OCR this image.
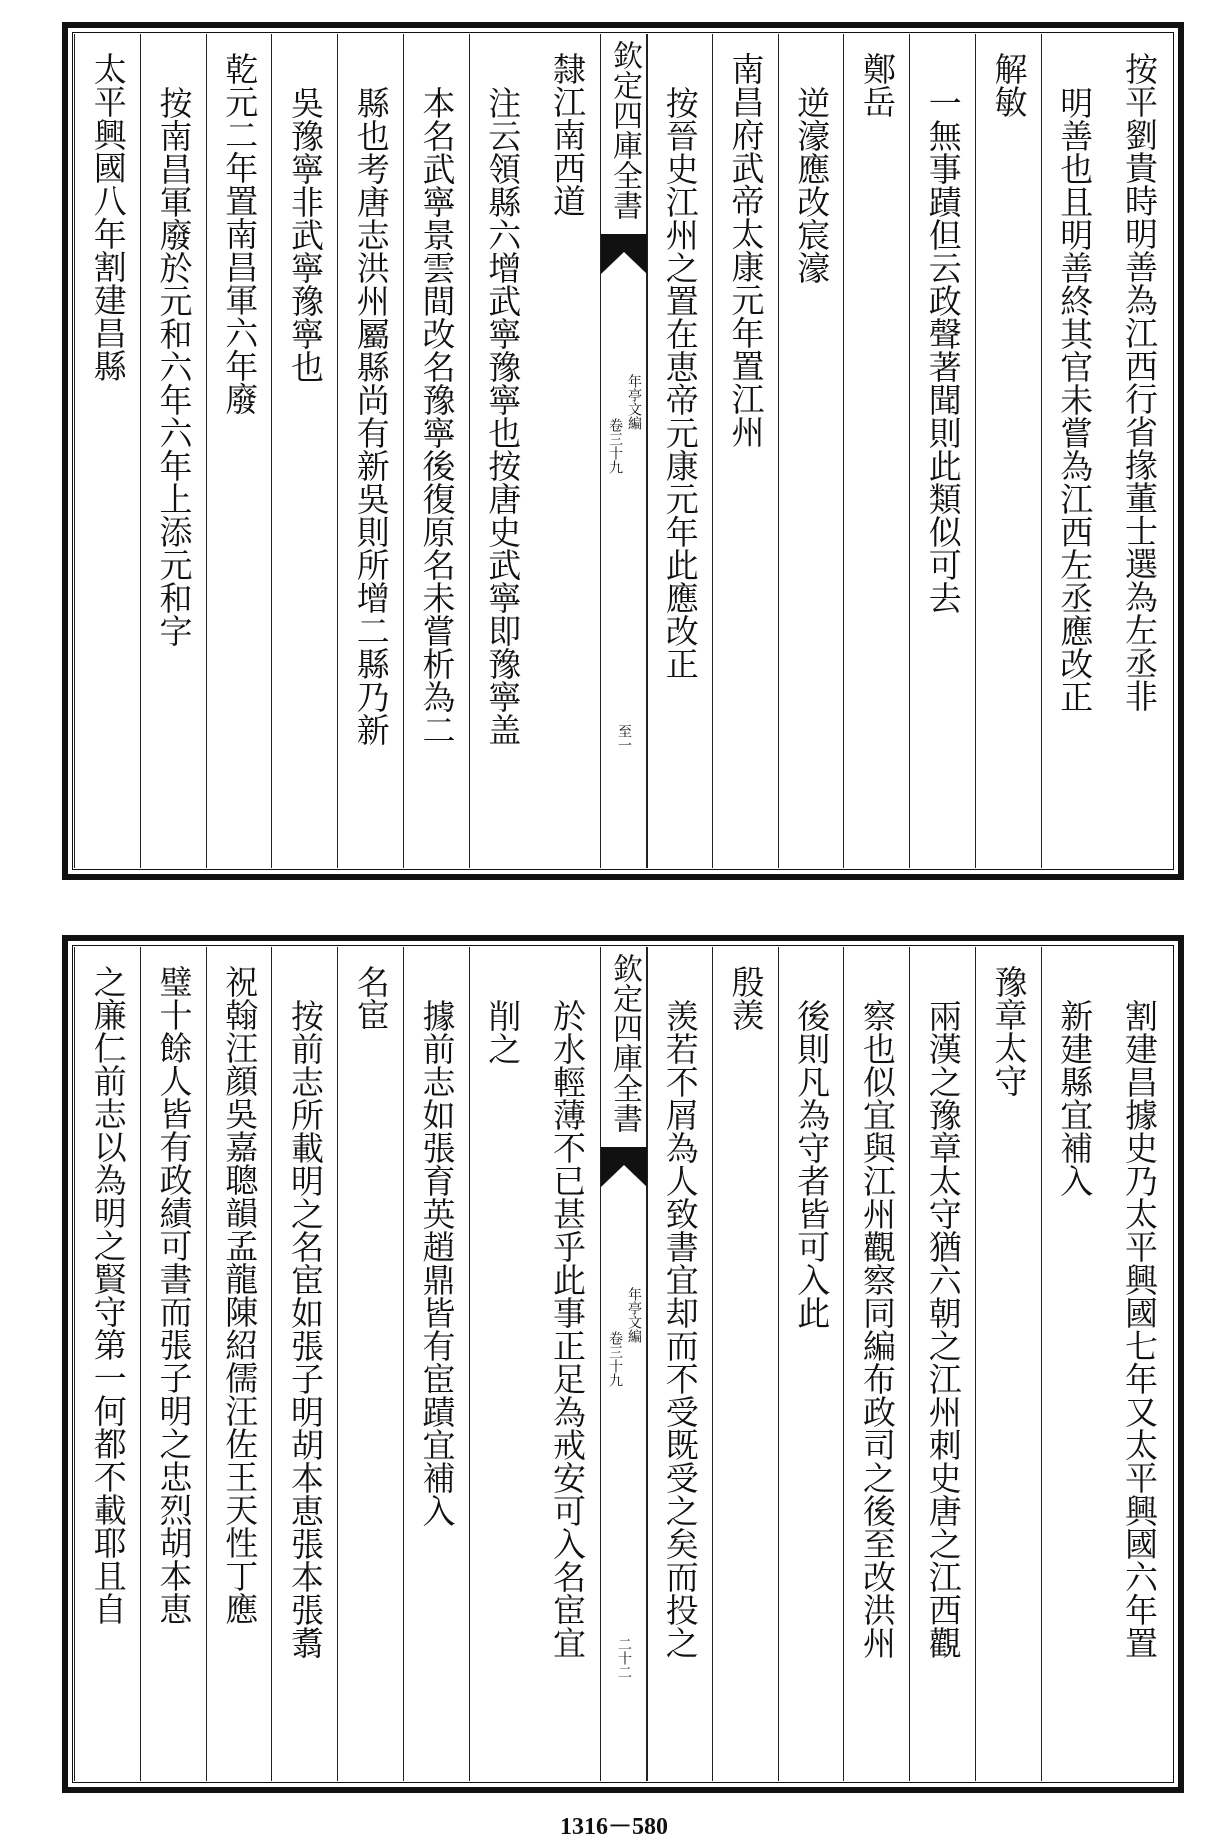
按平劉貴時明善為江西行省掾董士選為左丞非
明善也且明善終其官未嘗為江西左丞應改正
解敏
一無事蹟但云政聲著聞則此類似可去
鄭岳
逆濠應改宸濠
南昌府武帝太康元年置江州
按晉史江州之置在恵帝元康元年此應改正
欽定四庫全書
年亭文編
卷三十九
至一
隸江南西道
注云領縣六增武寧豫寧也按唐史武寧即豫寧盖
本名武寧景雲間改名豫寧後復原名未嘗析為二
縣也考唐志洪州屬縣尚有新吳則所增二縣乃新
吳豫寧非武寧豫寧也
乾元二年置南昌軍六年廢
按南昌軍廢於元和六年六年上添元和字
太平興國八年割建昌縣
割建昌據史乃太平興國七年又太平興國六年置
新建縣宜補入
豫章太守
兩漢之豫章太守猶六朝之江州刺史唐之江西觀
察也似宜與江州觀察同編布政司之後至改洪州
後則凡為守者皆可入此
殷羡
羡若不屑為人致書宜却而不受既受之矣而投之
欽定四庫全書
年亭文編
卷三十九
二十二
於水輕薄不已甚乎此事正足為戒安可入名宦宜
削之
據前志如張育英趙鼎皆有宦蹟宜補入
名宦
按前志所載明之名宦如張子明胡本恵張本張翥
祝翰汪顔吳嘉聰韻孟龍陳紹儒汪佐王天性丁應
璧十餘人皆有政績可書而張子明之忠烈胡本恵
之廉仁前志以為明之賢守第一何都不載耶且自
1316－580
